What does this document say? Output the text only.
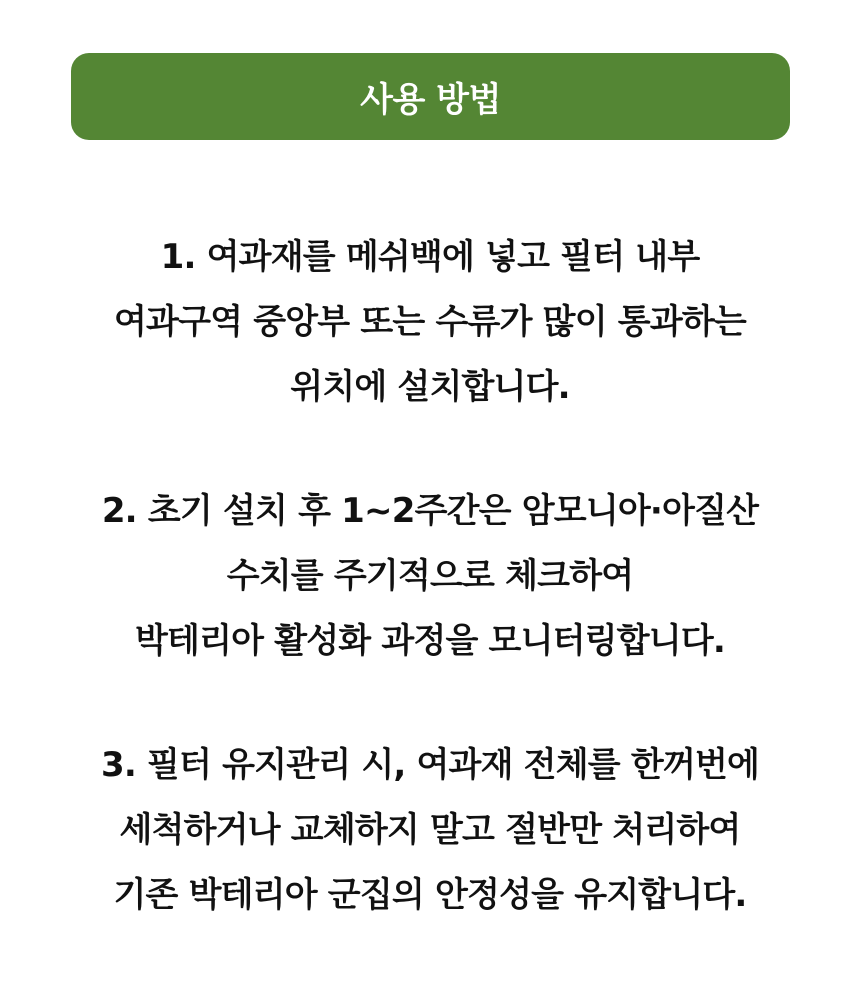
사용 방법
1. 여과재를 메쉬백에 넣고 필터 내부
여과구역 중앙부 또는 수류가 많이 통과하는
위치에 설치합니다.
2. 초기 설치 후 1~2주간은 암모니아·아질산
수치를 주기적으로 체크하여
박테리아 활성화 과정을 모니터링합니다.
3. 필터 유지관리 시, 여과재 전체를 한꺼번에
세척하거나 교체하지 말고 절반만 처리하여
기존 박테리아 군집의 안정성을 유지합니다.
